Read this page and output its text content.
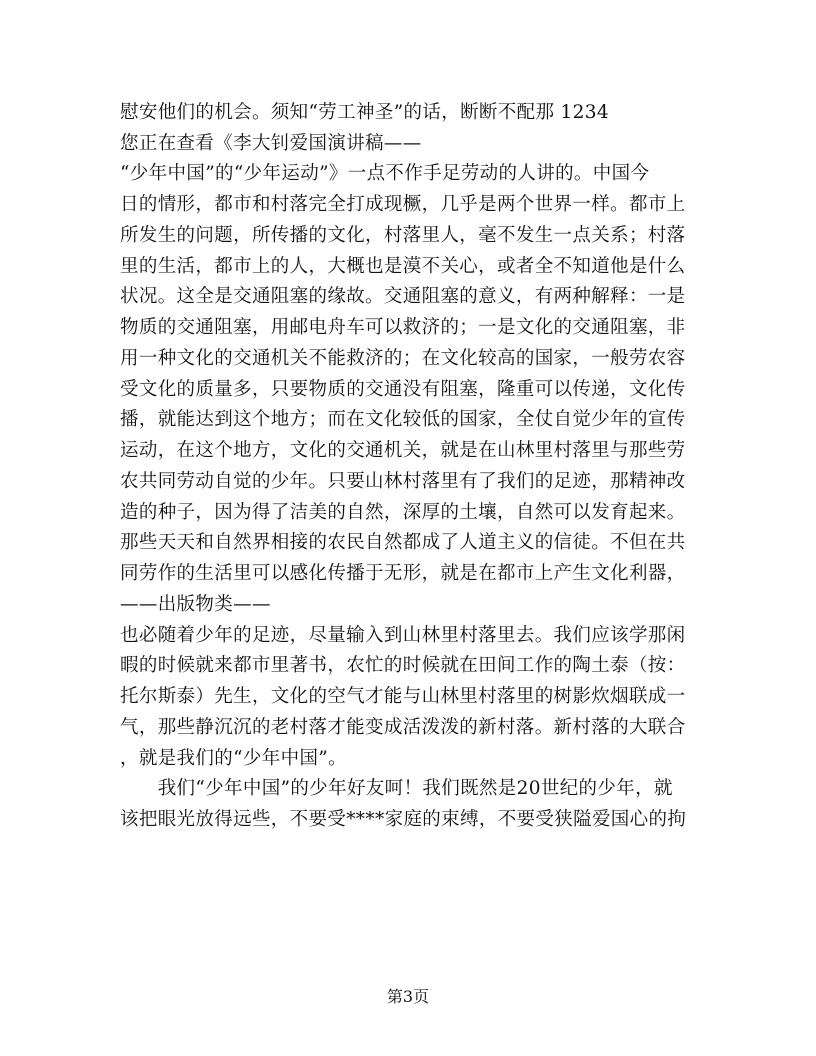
慰安他们的机会。须知“劳工神圣”的话，断断不配那 1234
您正在查看《李大钊爱国演讲稿——
“少年中国”的“少年运动”》一点不作手足劳动的人讲的。中国今
日的情形，都市和村落完全打成现橛，几乎是两个世界一样。都市上
所发生的问题，所传播的文化，村落里人，毫不发生一点关系；村落
里的生活，都市上的人，大概也是漠不关心，或者全不知道他是什么
状况。这全是交通阻塞的缘故。交通阻塞的意义，有两种解释：一是
物质的交通阻塞，用邮电舟车可以救济的；一是文化的交通阻塞，非
用一种文化的交通机关不能救济的；在文化较高的国家，一般劳农容
受文化的质量多，只要物质的交通没有阻塞，隆重可以传递，文化传
播，就能达到这个地方；而在文化较低的国家，全仗自觉少年的宣传
运动，在这个地方，文化的交通机关，就是在山林里村落里与那些劳
农共同劳动自觉的少年。只要山林村落里有了我们的足迹，那精神改
造的种子，因为得了洁美的自然，深厚的土壤，自然可以发育起来。
那些天天和自然界相接的农民自然都成了人道主义的信徒。不但在共
同劳作的生活里可以感化传播于无形，就是在都市上产生文化利器，
——出版物类——
也必随着少年的足迹，尽量输入到山林里村落里去。我们应该学那闲
暇的时候就来都市里著书，农忙的时候就在田间工作的陶土泰（按：
托尔斯泰）先生，文化的空气才能与山林里村落里的树影炊烟联成一
气，那些静沉沉的老村落才能变成活泼泼的新村落。新村落的大联合
，就是我们的“少年中国”。
　　我们“少年中国”的少年好友呵！我们既然是20世纪的少年，就
该把眼光放得远些，不要受****家庭的束缚，不要受狭隘爱国心的拘
第3页
